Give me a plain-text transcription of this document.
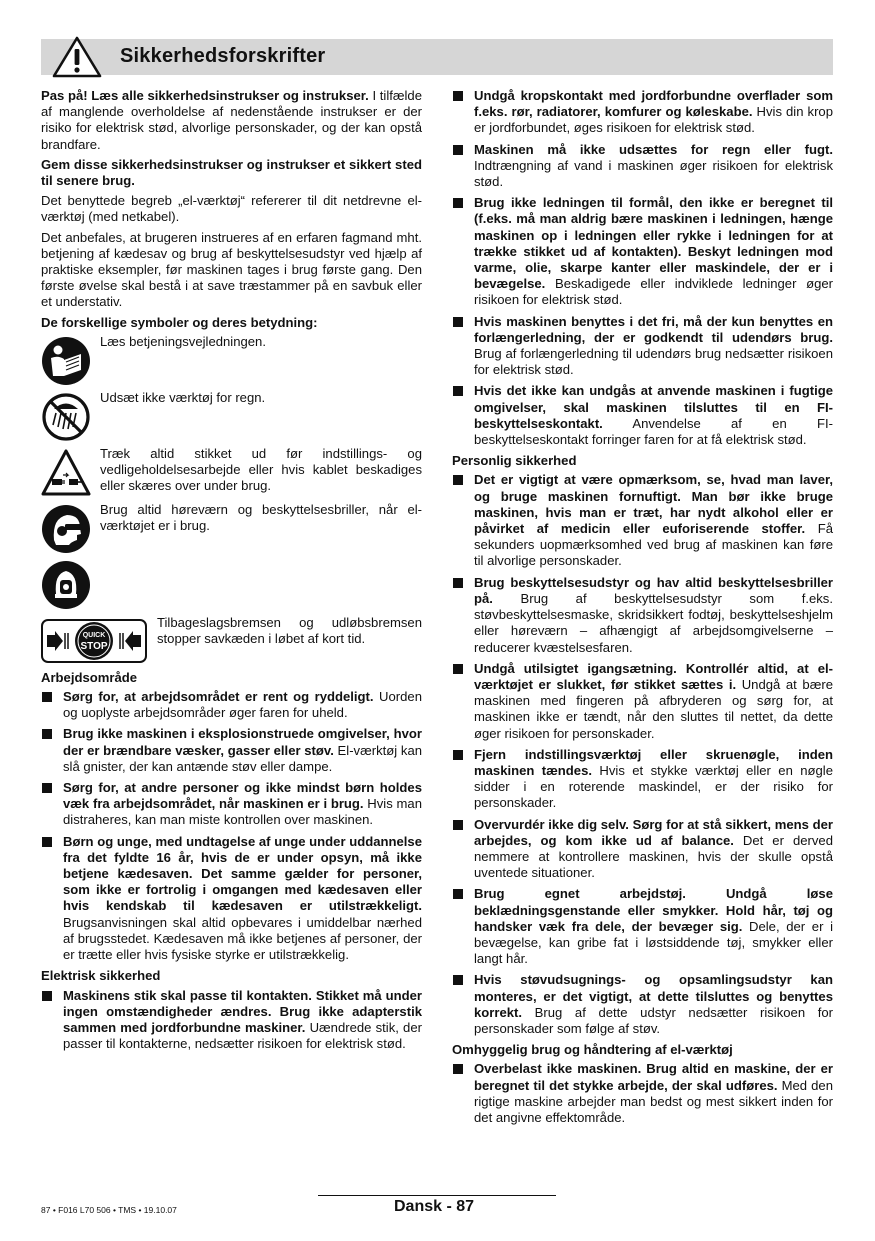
Sikkerhedsforskrifter

Pas på! Læs alle sikkerhedsinstrukser og instrukser. I tilfælde af manglende overholdelse af nedenstående instrukser er der risiko for elektrisk stød, alvorlige personskader, og der kan opstå brandfare.

Gem disse sikkerhedsinstrukser og instrukser et sikkert sted til senere brug.

Det benyttede begreb „el-værktøj“ refererer til dit netdrevne el-værktøj (med netkabel).

Det anbefales, at brugeren instrueres af en erfaren fagmand mht. betjening af kædesav og brug af beskyttelsesudstyr ved hjælp af praktiske eksempler, før maskinen tages i brug første gang. Den første øvelse skal bestå i at save træstammer på en savbuk eller et understativ.

De forskellige symboler og deres betydning:
Læs betjeningsvejledningen.
Udsæt ikke værktøj for regn.
Træk altid stikket ud før indstillings- og vedligeholdelsesarbejde eller hvis kablet beskadiges eller skæres over under brug.
Brug altid høreværn og beskyttelsesbriller, når el-værktøjet er i brug.
QUICK
STOP
Tilbageslagsbremsen og udløbsbremsen stopper savkæden i løbet af kort tid.
Arbejdsområde
Sørg for, at arbejdsområdet er rent og ryddeligt. Uorden og uoplyste arbejdsområder øger faren for uheld.
Brug ikke maskinen i eksplosionstruede omgivelser, hvor der er brændbare væsker, gasser eller støv. El-værktøj kan slå gnister, der kan antænde støv eller dampe.
Sørg for, at andre personer og ikke mindst børn holdes væk fra arbejdsområdet, når maskinen er i brug. Hvis man distraheres, kan man miste kontrollen over maskinen.
Børn og unge, med undtagelse af unge under uddannelse fra det fyldte 16 år, hvis de er under opsyn, må ikke betjene kædesaven. Det samme gælder for personer, som ikke er fortrolig i omgangen med kædesaven eller hvis kendskab til kædesaven er utilstrækkeligt. Brugsanvisningen skal altid opbevares i umiddelbar nærhed af brugsstedet. Kædesaven må ikke betjenes af personer, der er trætte eller hvis fysiske styrke er utilstrækkelig.
Elektrisk sikkerhed
Maskinens stik skal passe til kontakten. Stikket må under ingen omstændigheder ændres. Brug ikke adapterstik sammen med jordforbundne maskiner. Uændrede stik, der passer til kontakterne, nedsætter risikoen for elektrisk stød.
Undgå kropskontakt med jordforbundne overflader som f.eks. rør, radiatorer, komfurer og køleskabe. Hvis din krop er jordforbundet, øges risikoen for elektrisk stød.
Maskinen må ikke udsættes for regn eller fugt. Indtrængning af vand i maskinen øger risikoen for elektrisk stød.
Brug ikke ledningen til formål, den ikke er beregnet til (f.eks. må man aldrig bære maskinen i ledningen, hænge maskinen op i ledningen eller rykke i ledningen for at trække stikket ud af kontakten). Beskyt ledningen mod varme, olie, skarpe kanter eller maskindele, der er i bevægelse. Beskadigede eller indviklede ledninger øger risikoen for elektrisk stød.
Hvis maskinen benyttes i det fri, må der kun benyttes en forlængerledning, der er godkendt til udendørs brug. Brug af forlængerledning til udendørs brug nedsætter risikoen for elektrisk stød.
Hvis det ikke kan undgås at anvende maskinen i fugtige omgivelser, skal maskinen tilsluttes til en FI-beskyttelseskontakt. Anvendelse af en FI-beskyttelseskontakt forringer faren for at få elektrisk stød.
Personlig sikkerhed
Det er vigtigt at være opmærksom, se, hvad man laver, og bruge maskinen fornuftigt. Man bør ikke bruge maskinen, hvis man er træt, har nydt alkohol eller er påvirket af medicin eller euforiserende stoffer. Få sekunders uopmærksomhed ved brug af maskinen kan føre til alvorlige personskader.
Brug beskyttelsesudstyr og hav altid beskyttelsesbriller på. Brug af beskyttelsesudstyr som f.eks. støvbeskyttelsesmaske, skridsikkert fodtøj, beskyttelseshjelm eller høreværn – afhængigt af arbejdsomgivelserne – reducerer kvæstelsesfaren.
Undgå utilsigtet igangsætning. Kontrollér altid, at el-værktøjet er slukket, før stikket sættes i. Undgå at bære maskinen med fingeren på afbryderen og sørg for, at maskinen ikke er tændt, når den sluttes til nettet, da dette øger risikoen for personskader.
Fjern indstillingsværktøj eller skruenøgle, inden maskinen tændes. Hvis et stykke værktøj eller en nøgle sidder i en roterende maskindel, er der risiko for personskader.
Overvurdér ikke dig selv. Sørg for at stå sikkert, mens der arbejdes, og kom ikke ud af balance. Det er derved nemmere at kontrollere maskinen, hvis der skulle opstå uventede situationer.
Brug egnet arbejdstøj. Undgå løse beklædningsgenstande eller smykker. Hold hår, tøj og handsker væk fra dele, der bevæger sig. Dele, der er i bevægelse, kan gribe fat i løstsiddende tøj, smykker eller langt hår.
Hvis støvudsugnings- og opsamlingsudstyr kan monteres, er det vigtigt, at dette tilsluttes og benyttes korrekt. Brug af dette udstyr nedsætter risikoen for personskader som følge af støv.
Omhyggelig brug og håndtering af el-værktøj
Overbelast ikke maskinen. Brug altid en maskine, der er beregnet til det stykke arbejde, der skal udføres. Med den rigtige maskine arbejder man bedst og mest sikkert inden for det angivne effektområde.
87 • F016 L70 506 • TMS • 19.10.07	Dansk - 87
